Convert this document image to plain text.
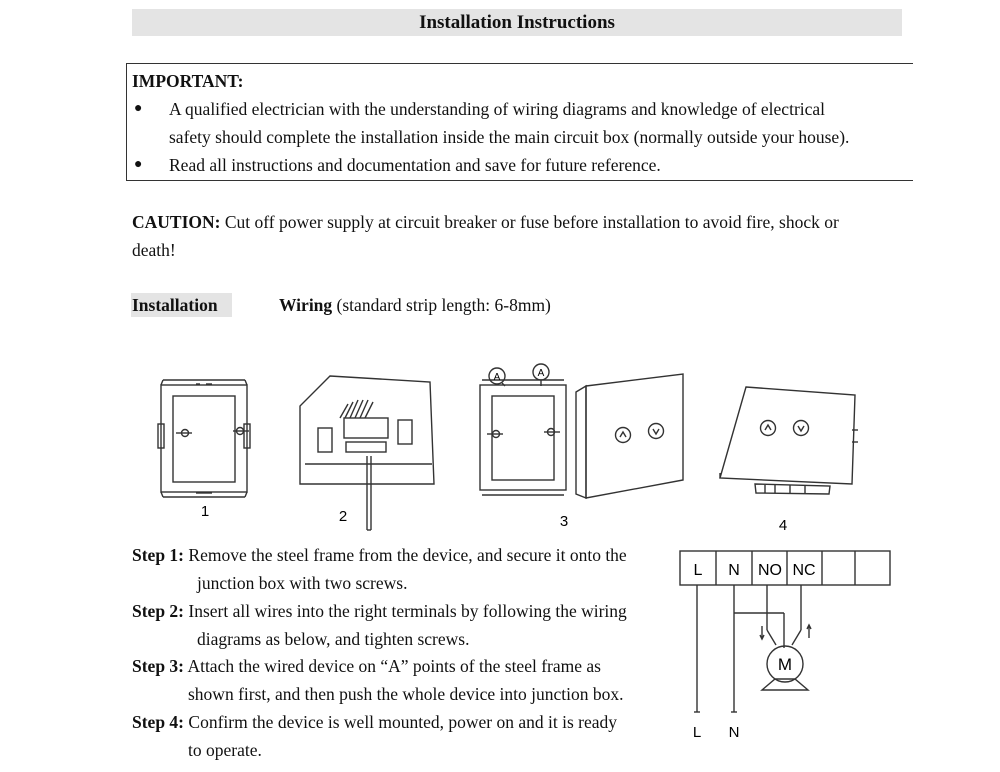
Installation Instructions
IMPORTANT:
● A qualified electrician with the understanding of wiring diagrams and knowledge of electrical
safety should complete the installation inside the main circuit box (normally outside your house).
● Read all instructions and documentation and save for future reference.
CAUTION: Cut off power supply at circuit breaker or fuse before installation to avoid fire, shock or
death!
Installation	Wiring (standard strip length: 6-8mm)
1	2	3	4
A	A
L N NO NC
M
L N
Step 1: Remove the steel frame from the device, and secure it onto the
junction box with two screws.
Step 2: Insert all wires into the right terminals by following the wiring
diagrams as below, and tighten screws.
Step 3: Attach the wired device on “A” points of the steel frame as
shown first, and then push the whole device into junction box.
Step 4: Confirm the device is well mounted, power on and it is ready
to operate.
